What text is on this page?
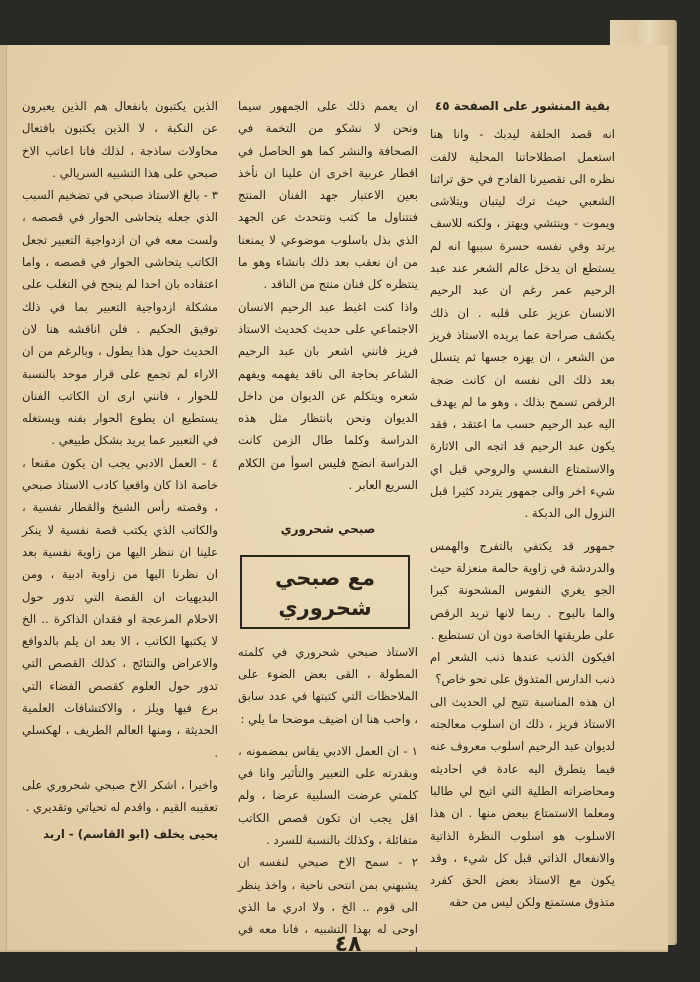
بقية المنشور على الصفحة ٤٥

انه قصد الحلقة ليدبك - وانا هنا استعمل اصطلاحاتنا المحلية لالفت نظره الى تقصيرنا الفادح في حق تراثنا الشعبي حيث ترك ليتبان ويتلاشى ويموت - وينتشي ويهتز ، ولكنه للاسف يرتد وفي نفسه حسرة سببها انه لم يستطع ان يدخل عالم الشعر عند عبد الرحيم عمر رغم ان عبد الرحيم الانسان عزيز على قلبه . ان ذلك يكشف صراحة عما يريده الاستاذ فريز من الشعر ، ان يهزه جسها ثم يتسلل بعد ذلك الى نفسه ان كانت ضجة الرقص تسمح بذلك ، وهو ما لم يهدف اليه عبد الرحيم حسب ما اعتقد ، فقد يكون عبد الرحيم قد اتجه الى الاثارة والاستمتاع النفسي والروحي قبل اي شيء اخر والى جمهور يتردد كثيرا قبل النزول الى الدبكة .

جمهور قد يكتفي بالتفرج والهمس والدردشة في زاوية حالمة منعزلة حيث الجو يغري النفوس المشحونة كبرا والما بالبوح . ربما لانها تريد الرقص على طريقتها الخاصة دون ان تستطيع .

افيكون الذنب عندها ذنب الشعر ام ذنب الدارس المتذوق على نحو خاص؟

ان هذه المناسبة تتيح لي الحديث الى الاستاذ فريز ، ذلك ان اسلوب معالجته لديوان عبد الرحيم اسلوب معروف عنه فيما يتطرق اليه عادة في احاديثه ومحاضراته الطلية التي اتيح لي طالبا ومعلما الاستمتاع ببعض منها . ان هذا الاسلوب هو اسلوب النظرة الذاتية والانفعال الذاتي قبل كل شيء ، وقد يكون مع الاستاذ بعض الحق كفرد متذوق مستمتع ولكن ليس من حقه

ان يعمم ذلك على الجمهور سيما ونحن لا نشكو من التخمة في الصحافة والنشر كما هو الحاصل في اقطار عربية اخرى ان علينا ان نأخذ بعين الاعتبار جهد الفنان المنتج فنتناول ما كتب ونتحدث عن الجهد الذي بذل باسلوب موضوعي لا يمنعنا من ان نعقب بعد ذلك بانشاء وهو ما ينتظره كل فنان منتج من الناقد .

واذا كنت اغبط عبد الرحيم الانسان الاجتماعي على حديث كحديث الاستاذ فريز فانني اشعر بان عبد الرحيم الشاعر بحاجة الى ناقد يفهمه ويفهم شعره ويتكلم عن الديوان من داخل الديوان ونحن بانتظار مثل هذه الدراسة وكلما طال الزمن كانت الدراسة انضج فليس اسوأ من الكلام السريع العابر .

صبحي شحروري

مع صبحي شحروري

الاستاذ صبحي شحروري في كلمته المطولة ، القى بعض الضوء على الملاحظات التي كتبتها في عدد سابق ، واحب هنا ان اضيف موضحا ما يلي :

١ - ان العمل الادبي يقاس بمضمونه ، وبقدرته على التعبير والتأثير وانا في كلمتي عرضت السلبية عرضا ، ولم اقل يجب ان تكون قصص الكاتب متفائلة ، وكذلك بالنسبة للسرد .

٢ - سمح الاخ صبحي لنفسه ان يشبهني بمن انتحى ناحية ، واخذ ينظر الى قوم .. الخ ، ولا ادري ما الذي اوحى له بهذا التشبيه ، فانا معه في ان

الذين يكتبون بانفعال هم الذين يعبرون عن النكبة ، لا الذين يكتبون بافتعال محاولات ساذجة ، لذلك فانا اعاتب الاخ صبحي على هذا التشبيه السريالي .

٣ - بالغ الاستاذ صبحي في تضخيم السبب الذي جعله يتحاشى الحوار في قصصه ، ولست معه في ان ازدواجية التعبير تجعل الكاتب يتحاشى الحوار في قصصه ، واما اعتقاده بان احدا لم ينجح في التغلب على مشكلة ازدواجية التعبير بما في ذلك توفيق الحكيم . فلن اناقشه هنا لان الحديث حول هذا يطول ، وبالرغم من ان الاراء لم تجمع على قرار موحد بالنسبة للحوار ، فانني ارى ان الكاتب الفنان يستطيع ان يطوع الحوار بفنه ويستغله في التعبير عما يريد بشكل طبيعي .

٤ - العمل الادبي يجب ان يكون مقنعا ، خاصة اذا كان واقعيا كادب الاستاذ صبحي ، وقصته رأس الشيخ والقطار نفسية ، والكاتب الذي يكتب قصة نفسية لا ينكر علينا ان ننظر اليها من زاوية نفسية بعد ان نظرنا اليها من زاوية ادبية ، ومن البديهيات ان القصة التي تدور حول الاحلام المزعجة او فقدان الذاكرة .. الخ لا يكتبها الكاتب ، الا بعد ان يلم بالدوافع والاعراض والنتائج ، كذلك القصص التي تدور حول العلوم كقصص الفضاء التي برع فيها ويلز ، والاكتشافات العلمية الحديثة ، ومنها العالم الطريف ، لهكسلي .

واخيرا ، اشكر الاخ صبحي شحروري على تعقيبه القيم ، واقدم له تحياتي وتقديري .

يحيى يخلف (ابو القاسم) - اربد

٤٨
